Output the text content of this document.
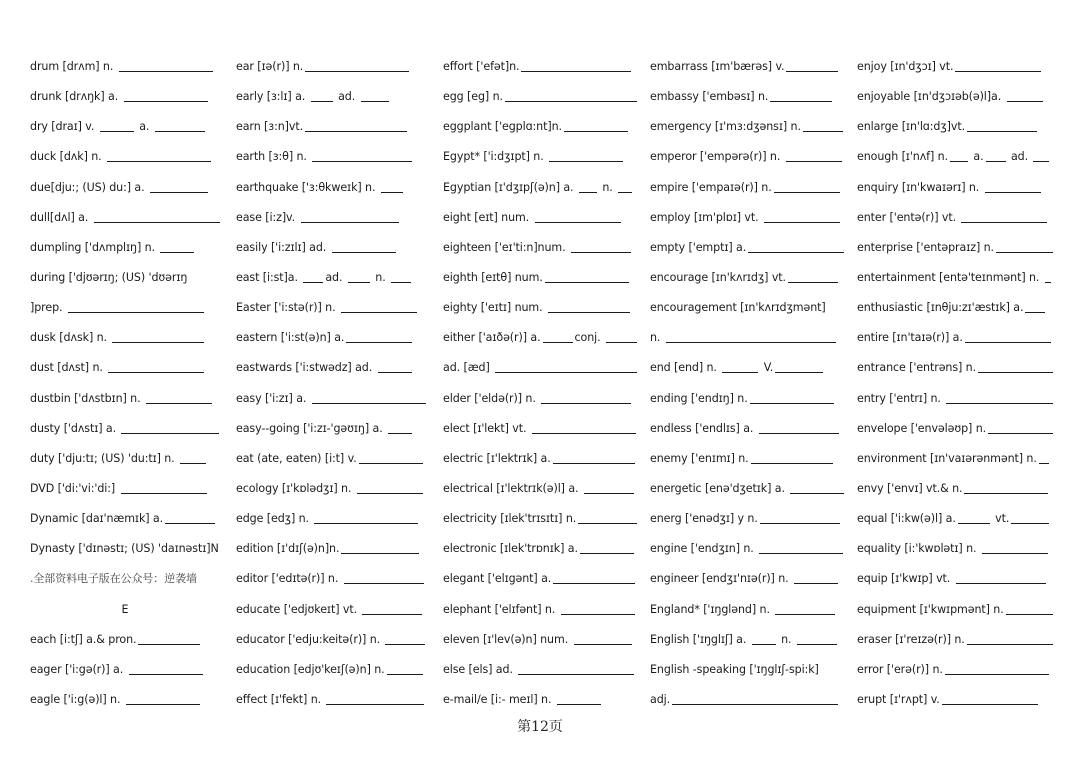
drum [drʌm] n.
drunk [drʌŋk] a.
dry [draɪ] v.	a.
duck [dʌk] n.
due[dju:; (US) du:] a.
dull[dʌl] a.
dumpling ['dʌmplɪŋ] n.
during ['djʊərɪŋ; (US) 'dʊərɪŋ
]prep.
dusk [dʌsk] n.
dust [dʌst] n.
dustbin ['dʌstbɪn] n.
dusty ['dʌstɪ] a.
duty ['dju:tɪ; (US) 'du:tɪ] n.
DVD ['di:'vi:'di:]
Dynamic [daɪ'næmɪk] a.
Dynasty ['dɪnəstɪ; (US) 'daɪnəstɪ]N
.全部资料电子版在公众号：逆袭墙
E
each [i:tʃ] a.& pron.
eager ['i:gə(r)] a.
eagle ['i:g(ə)l] n.
ear [ɪə(r)] n.
early [ɜ:lɪ] a.  ad.
earn [ɜ:n]vt.
earth [ɜ:θ] n.
earthquake ['ɜ:θkweɪk] n.
ease [i:z]v.
easily ['i:zɪlɪ] ad.
east [i:st]a. ad.  n.
Easter ['i:stə(r)] n.
eastern ['i:st(ə)n] a.
eastwards ['i:stwədz] ad.
easy ['i:zɪ] a.
easy--going ['i:zɪ-'gəʊɪŋ] a.
eat (ate, eaten) [i:t] v.
ecology [ɪ'kɒlədʒɪ] n.
edge [edʒ] n.
edition [ɪ'dɪʃ(ə)n]n.
editor ['edɪtə(r)] n.
educate ['edjʊkeɪt] vt.
educator ['edju:keitə(r)] n.
education [edjʊ'keɪʃ(ə)n] n.
effect [ɪ'fekt] n.
effort ['efət]n.
egg [eg] n.
eggplant ['egplɑ:nt]n.
Egypt* ['i:dʒɪpt] n.
Egyptian [ɪ'dʒɪpʃ(ə)n] a.  n.
eight [eɪt] num.
eighteen ['eɪ'ti:n]num.
eighth [eɪtθ] num.
eighty ['eɪtɪ] num.
either ['aɪðə(r)] a.	conj.
ad. [æd]
elder ['eldə(r)] n.
elect [ɪ'lekt] vt.
electric [ɪ'lektrɪk] a.
electrical [ɪ'lektrɪk(ə)l] a.
electricity [ɪlek'trɪsɪtɪ] n.
electronic [ɪlek'trɒnɪk] a.
elegant ['elɪgənt] a.
elephant ['elɪfənt] n.
eleven [ɪ'lev(ə)n] num.
else [els] ad.
e-mail/e [i:- meɪl] n.
embarrass [ɪm'bærəs] v.
embassy ['embəsɪ] n.
emergency [ɪ'mɜ:dʒənsɪ] n.
emperor ['empərə(r)] n.
empire ['empaɪə(r)] n.
employ [ɪm'plɒɪ] vt.
empty ['emptɪ] a.
encourage [ɪn'kʌrɪdʒ] vt.
encouragement [ɪn'kʌrɪdʒmənt]
n.
end [end] n.	V.
ending ['endɪŋ] n.
endless ['endlɪs] a.
enemy ['enɪmɪ] n.
energetic [enə'dʒetɪk] a.
energ ['enədʒɪ] y n.
engine ['endʒɪn] n.
engineer [endʒɪ'nɪə(r)] n.
England* ['ɪŋglənd] n.
English ['ɪŋglɪʃ] a.	n.
English -speaking ['ɪŋglɪʃ-spi:k]
adj.
enjoy [ɪn'dʒɔɪ] vt.
enjoyable [ɪn'dʒɔɪəb(ə)l]a.
enlarge [ɪn'lɑ:dʒ]vt.
enough [ɪ'nʌf] n. a. ad.
enquiry [ɪn'kwaɪərɪ] n.
enter ['entə(r)] vt.
enterprise ['entəpraɪz] n.
entertainment [entə'teɪnmənt] n.
enthusiastic [ɪnθju:zɪ'æstɪk] a.
entire [ɪn'taɪə(r)] a.
entrance ['entrəns] n.
entry ['entrɪ] n.
envelope ['envələʊp] n.
environment [ɪn'vaɪərənmənt] n.
envy ['envɪ] vt.& n.
equal ['i:kw(ə)l] a.	vt.
equality [i:'kwɒlətɪ] n.
equip [ɪ'kwɪp] vt.
equipment [ɪ'kwɪpmənt] n.
eraser [ɪ'reɪzə(r)] n.
error ['erə(r)] n.
erupt [ɪ'rʌpt] v.
第12页
